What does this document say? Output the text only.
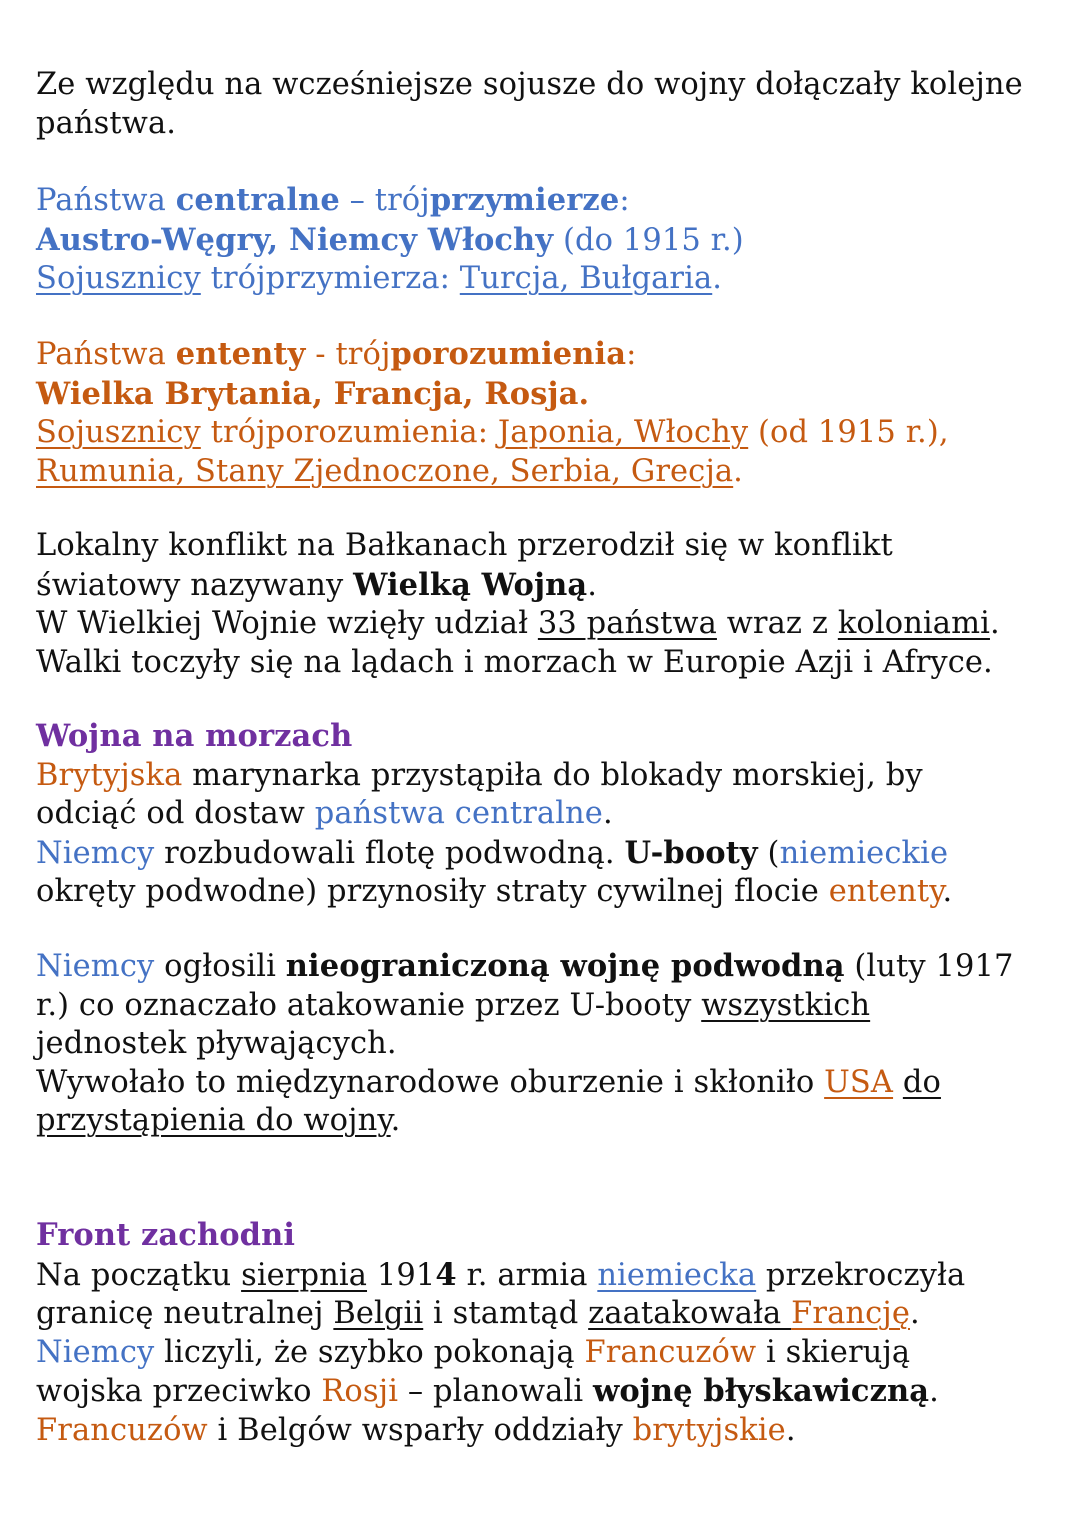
Ze względu na wcześniejsze sojusze do wojny dołączały kolejne
państwa.

Państwa centralne – trójprzymierze:
Austro-Węgry, Niemcy Włochy (do 1915 r.)
Sojusznicy trójprzymierza: Turcja, Bułgaria.

Państwa ententy - trójporozumienia:
Wielka Brytania, Francja, Rosja.
Sojusznicy trójporozumienia: Japonia, Włochy (od 1915 r.),
Rumunia, Stany Zjednoczone, Serbia, Grecja.

Lokalny konflikt na Bałkanach przerodził się w konflikt
światowy nazywany Wielką Wojną.
W Wielkiej Wojnie wzięły udział 33 państwa wraz z koloniami.
Walki toczyły się na lądach i morzach w Europie Azji i Afryce.

Wojna na morzach
Brytyjska marynarka przystąpiła do blokady morskiej, by
odciąć od dostaw państwa centralne.
Niemcy rozbudowali flotę podwodną. U-booty (niemieckie
okręty podwodne) przynosiły straty cywilnej flocie ententy.

Niemcy ogłosili nieograniczoną wojnę podwodną (luty 1917
r.) co oznaczało atakowanie przez U-booty wszystkich
jednostek pływających.
Wywołało to międzynarodowe oburzenie i skłoniło USA do
przystąpienia do wojny.

Front zachodni
Na początku sierpnia 1914 r. armia niemiecka przekroczyła
granicę neutralnej Belgii i stamtąd zaatakowała Francję.
Niemcy liczyli, że szybko pokonają Francuzów i skierują
wojska przeciwko Rosji – planowali wojnę błyskawiczną.
Francuzów i Belgów wsparły oddziały brytyjskie.
